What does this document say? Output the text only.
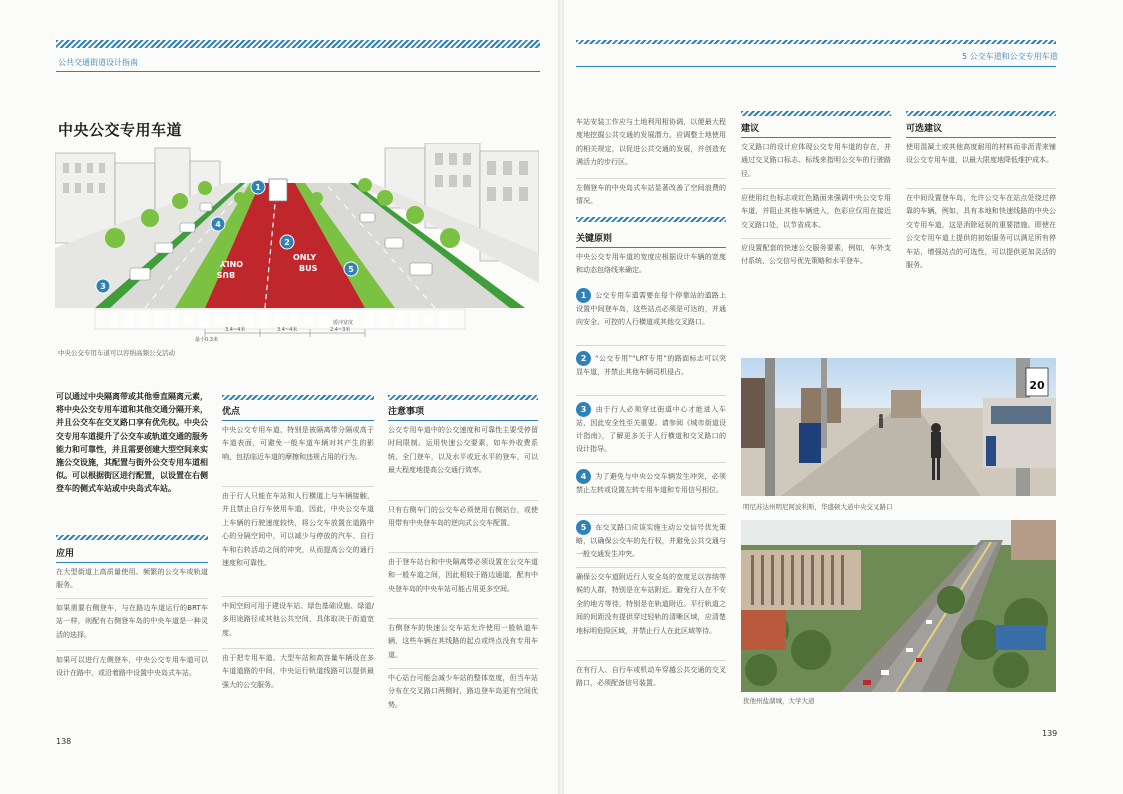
公共交通街道设计指南
中央公交专用车道
BUS
ONLY
ONLY
BUS
1
2
3
4
5
3.4~4米	3.4~4米	2.4~3米
缓冲宽度
最小0.3米
中央公交专用车道可以容纳高频公交活动
可以通过中央隔离带或其他垂直隔离元素，将中央公交专用车道和其他交通分隔开来，并且公交车在交叉路口享有优先权。中央公交专用车道提升了公交车或轨道交通的服务能力和可靠性，并且需要创建大型空间来实施公交设施，其配置与街外公交专用车道相似。可以根据街区进行配置，以设置在右侧登车的侧式车站或中央岛式车站。
应用
在大型街道上高质量使用、频繁的公交车或轨道服务。
如果需要右侧登车，与在路边车道运行的BRT车站一样，则配有右侧登车岛的中央车道是一种灵活的选择。
如果可以进行左侧登车，中央公交专用车道可以设计在路中，或沿着路中设置中央岛式车站。
优点
中央公交专用车道，特别是被隔离带分隔或高于车道表面，可避免一般车道车辆对其产生的影响，包括临近车道的摩擦和违规占用的行为。
由于行人只能在车站和人行横道上与车辆接触，并且禁止自行车使用车道，因此，中央公交车道上车辆的行驶速度较快，将公交车放置在道路中心的分隔空间中，可以减少与停放的汽车、自行车和右转活动之间的冲突，从而提高公交的通行速度和可靠性。
中间空间可用于建设车站、绿色基础设施、绿道/多用途路径或其他公共空间，具体取决于街道宽度。
由于把专用车道、大型车站和高容量车辆设在多车道道路的中间，中央运行轨道线路可以提供最强大的公交服务。
注意事项
公交专用车道中的公交速度和可靠性主要受停留时间限制。运用快速公交要素，如车外收费系统、全门登车，以及水平或近水平的登车，可以最大程度地提高公交通行效率。
只有右侧车门的公交车必须使用右侧站台，或使用带有中央登车岛的逆向式公交车配置。
由于登车站台和中央隔离带必须设置在公交车道和一般车道之间，因此相较于路边通道，配有中央登车岛的中央车站可能占用更多空间。
右侧登车的快速公交车站允许使用一般轨道车辆，这些车辆在其线路的起点或终点没有专用车道。
中心站台可能会减少车站的整体宽度，但当车站分布在交叉路口两侧时，路边登车岛更有空间优势。
138
5 公交车道和公交专用车道
车站安装工作应与土地利用相协调，以便最大程度地挖掘公共交通的发展潜力。应调整土地使用的相关规定，以促进公共交通的发展，并创造充满活力的步行区。
左侧登车的中央岛式车站显著改善了空间浪费的情况。
关键原则
中央公交专用车道的宽度应根据设计车辆的宽度和动态包络线来确定。
1 公交专用车道需要在每个停靠站的道路上设置中间登车岛，这些站点必须是可达的，并通向安全、可控的人行横道或其他交叉路口。
2 “公交专用”“LRT专用”的路面标志可以突显车道，并禁止其他车辆司机侵占。
3 由于行人必须穿过街道中心才能进入车站，因此安全性至关重要。请参阅《城市街道设计指南》，了解更多关于人行横道和交叉路口的设计指导。
4 为了避免与中央公交车辆发生冲突，必须禁止左转或设置左转专用车道和专用信号相位。
5 在交叉路口应该实施主动公交信号优先策略，以确保公交车的先行权，并避免公共交通与一般交通发生冲突。
确保公交车道附近行人安全岛的宽度足以容纳等候的人群，特别是在车站附近。避免行人在不安全的地方等待，特别是在轨道附近。平行轨道之间的间距没有提供穿过轻轨的清晰区域，应清楚地标明危险区域，并禁止行人在此区域等待。
在有行人、自行车或机动车穿越公共交通的交叉路口，必须配备信号装置。
建议
交叉路口的设计应体现公交专用车道的存在，并通过交叉路口标志、标线来指明公交车的行驶路径。
应使用红色标志或红色路面来强调中央公交专用车道，并阻止其他车辆进入，色彩应仅用在接近交叉路口处，以节省成本。
应设置配套的快速公交服务要素，例如，车外支付系统、公交信号优先策略和水平登车。
可选建议
使用混凝土或其他高度耐用的材料而非沥青来铺设公交专用车道，以最大限度地降低维护成本。
在中间设置登车岛，允许公交车在站点处绕过停靠的车辆，例如，具有本地和快速线路的中央公交专用车道，这是消除延误的重要措施。即使在公交专用车道上提供的初始服务可以满足所有停车站，增强站点的可选性，可以提供更加灵活的服务。
20
明尼苏达州明尼阿波利斯，华盛顿大道中央交叉路口
犹他州盐湖城，大学大道
139
